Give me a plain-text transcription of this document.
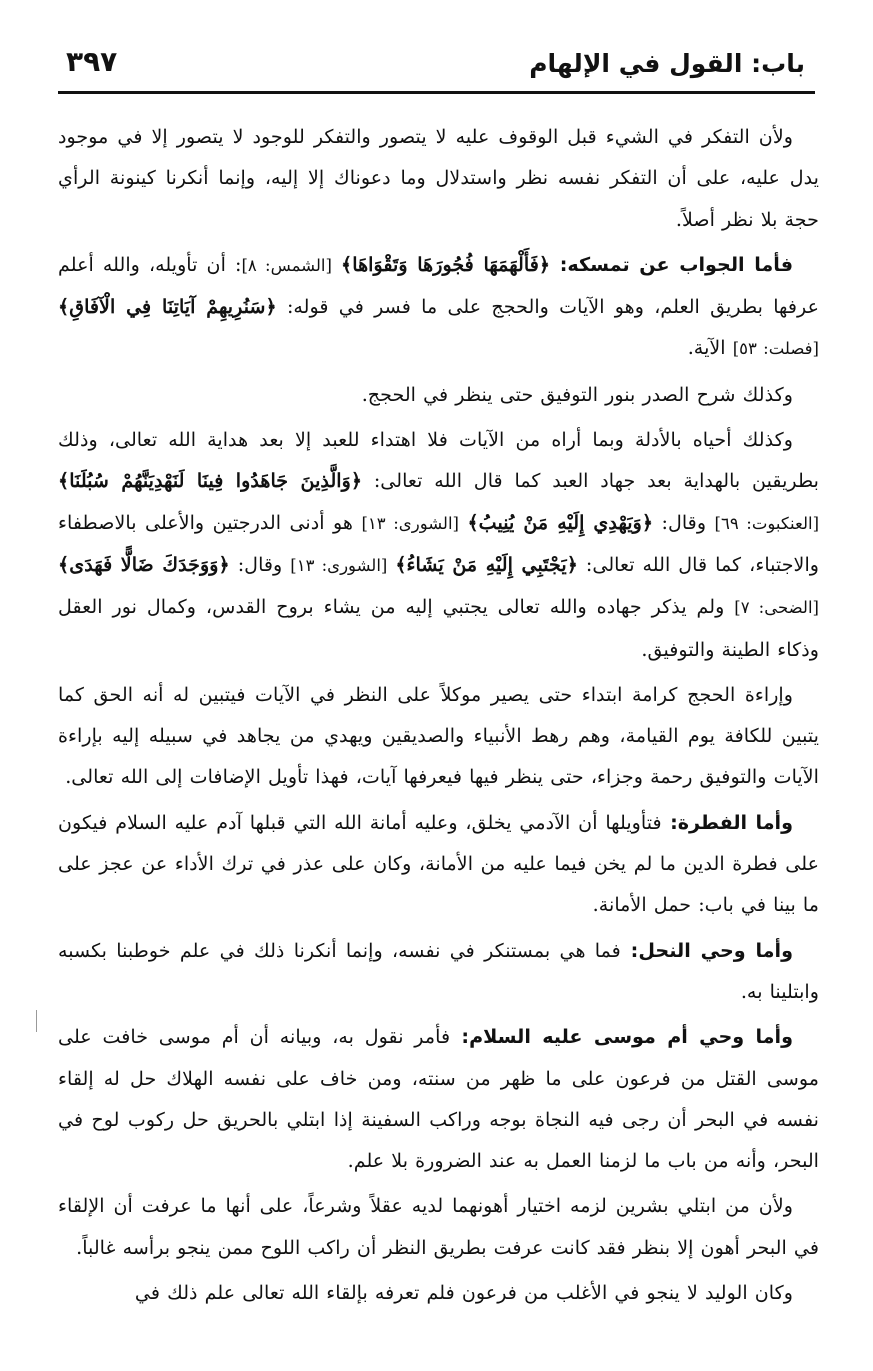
باب: القول في الإلهام
٣٩٧

ولأن التفكر في الشيء قبل الوقوف عليه لا يتصور والتفكر للوجود لا يتصور إلا في موجود يدل عليه، على أن التفكر نفسه نظر واستدلال وما دعوناك إلا إليه، وإنما أنكرنا كينونة الرأي حجة بلا نظر أصلاً.

فأما الجواب عن تمسكه: ﴿فَأَلْهَمَهَا فُجُورَهَا وَتَقْوَاهَا﴾ [الشمس: ٨]: أن تأويله، والله أعلم عرفها بطريق العلم، وهو الآيات والحجج على ما فسر في قوله: ﴿سَنُرِيهِمْ آيَاتِنَا فِي الْآفَاقِ﴾ [فصلت: ٥٣] الآية.

وكذلك شرح الصدر بنور التوفيق حتى ينظر في الحجج.

وكذلك أحياه بالأدلة وبما أراه من الآيات فلا اهتداء للعبد إلا بعد هداية الله تعالى، وذلك بطريقين بالهداية بعد جهاد العبد كما قال الله تعالى: ﴿وَالَّذِينَ جَاهَدُوا فِينَا لَنَهْدِيَنَّهُمْ سُبُلَنَا﴾ [العنكبوت: ٦٩] وقال: ﴿وَيَهْدِي إِلَيْهِ مَنْ يُنِيبُ﴾ [الشورى: ١٣] هو أدنى الدرجتين والأعلى بالاصطفاء والاجتباء، كما قال الله تعالى: ﴿يَجْتَبِي إِلَيْهِ مَنْ يَشَاءُ﴾ [الشورى: ١٣] وقال: ﴿وَوَجَدَكَ ضَالًّا فَهَدَى﴾ [الضحى: ٧] ولم يذكر جهاده والله تعالى يجتبي إليه من يشاء بروح القدس، وكمال نور العقل وذكاء الطينة والتوفيق.

وإراءة الحجج كرامة ابتداء حتى يصير موكلاً على النظر في الآيات فيتبين له أنه الحق كما يتبين للكافة يوم القيامة، وهم رهط الأنبياء والصديقين ويهدي من يجاهد في سبيله إليه بإراءة الآيات والتوفيق رحمة وجزاء، حتى ينظر فيها فيعرفها آيات، فهذا تأويل الإضافات إلى الله تعالى.

وأما الفطرة: فتأويلها أن الآدمي يخلق، وعليه أمانة الله التي قبلها آدم عليه السلام فيكون على فطرة الدين ما لم يخن فيما عليه من الأمانة، وكان على عذر في ترك الأداء عن عجز على ما بينا في باب: حمل الأمانة.

وأما وحي النحل: فما هي بمستنكر في نفسه، وإنما أنكرنا ذلك في علم خوطبنا بكسبه وابتلينا به.

وأما وحي أم موسى عليه السلام: فأمر نقول به، وبيانه أن أم موسى خافت على موسى القتل من فرعون على ما ظهر من سنته، ومن خاف على نفسه الهلاك حل له إلقاء نفسه في البحر أن رجى فيه النجاة بوجه وراكب السفينة إذا ابتلي بالحريق حل ركوب لوح في البحر، وأنه من باب ما لزمنا العمل به عند الضرورة بلا علم.

ولأن من ابتلي بشرين لزمه اختيار أهونهما لديه عقلاً وشرعاً، على أنها ما عرفت أن الإلقاء في البحر أهون إلا بنظر فقد كانت عرفت بطريق النظر أن راكب اللوح ممن ينجو برأسه غالباً.

وكان الوليد لا ينجو في الأغلب من فرعون فلم تعرفه بإلقاء الله تعالى علم ذلك في
